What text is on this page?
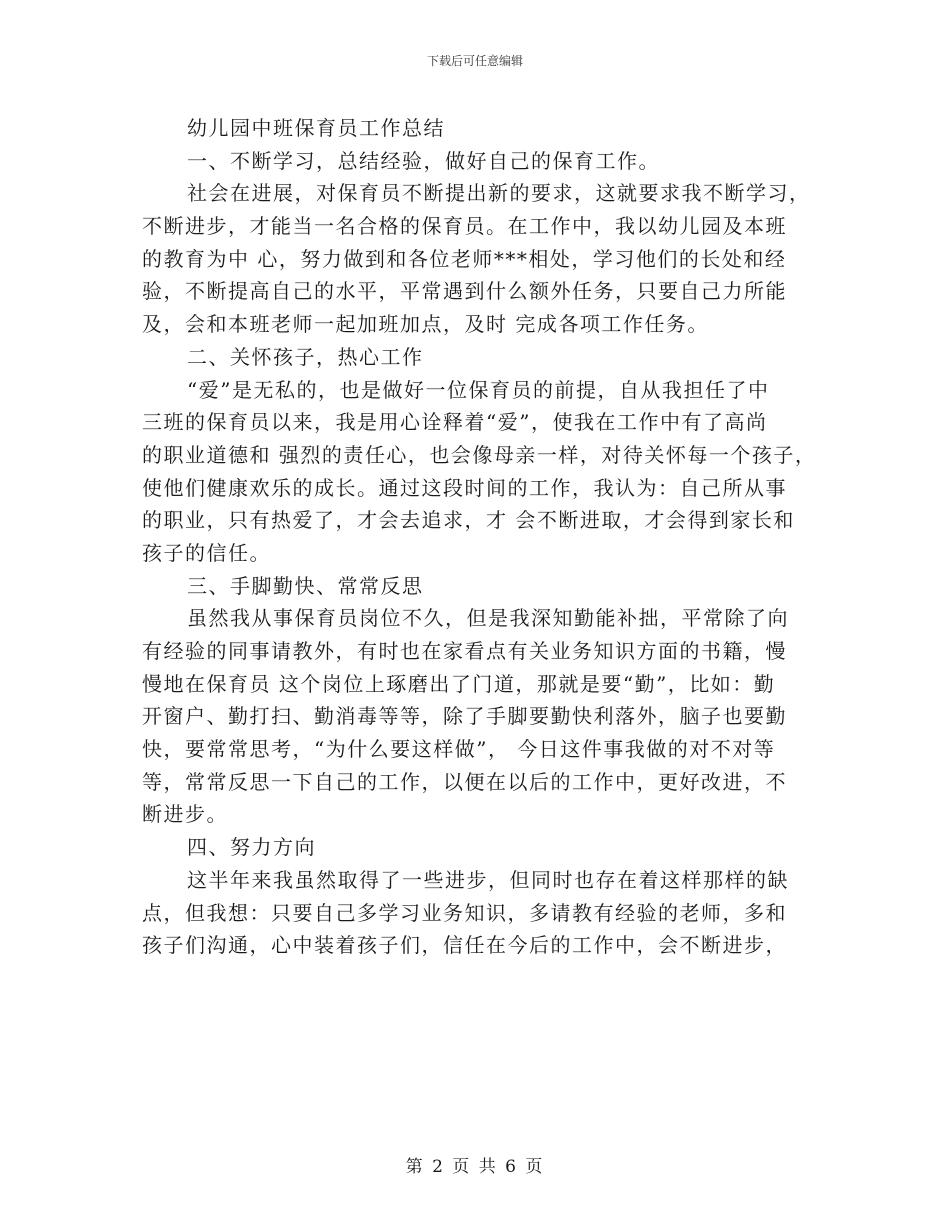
下载后可任意编辑
幼儿园中班保育员工作总结
一、不断学习，总结经验，做好自己的保育工作。
社会在进展，对保育员不断提出新的要求，这就要求我不断学习，
不断进步，才能当一名合格的保育员。在工作中，我以幼儿园及本班
的教育为中 心，努力做到和各位老师***相处，学习他们的长处和经
验，不断提高自己的水平，平常遇到什么额外任务，只要自己力所能
及，会和本班老师一起加班加点，及时 完成各项工作任务。
二、关怀孩子，热心工作
“爱”是无私的，也是做好一位保育员的前提，自从我担任了中
三班的保育员以来，我是用心诠释着“爱”，使我在工作中有了高尚
的职业道德和 强烈的责任心，也会像母亲一样，对待关怀每一个孩子，
使他们健康欢乐的成长。通过这段时间的工作，我认为：自己所从事
的职业，只有热爱了，才会去追求，才 会不断进取，才会得到家长和
孩子的信任。
三、手脚勤快、常常反思
虽然我从事保育员岗位不久，但是我深知勤能补拙，平常除了向
有经验的同事请教外，有时也在家看点有关业务知识方面的书籍，慢
慢地在保育员 这个岗位上琢磨出了门道，那就是要“勤”，比如：勤
开窗户、勤打扫、勤消毒等等，除了手脚要勤快利落外，脑子也要勤
快，要常常思考，“为什么要这样做”， 今日这件事我做的对不对等
等，常常反思一下自己的工作，以便在以后的工作中，更好改进，不
断进步。
四、努力方向
这半年来我虽然取得了一些进步，但同时也存在着这样那样的缺
点，但我想：只要自己多学习业务知识，多请教有经验的老师，多和
孩子们沟通，心中装着孩子们，信任在今后的工作中，会不断进步，
第 2 页 共 6 页
